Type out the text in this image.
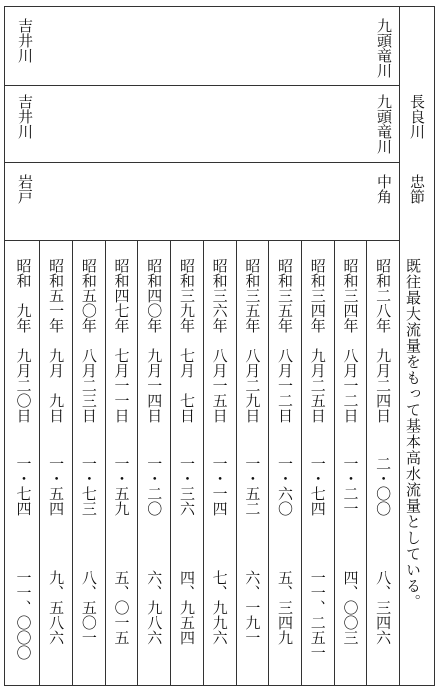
既往最大流量をもって基本高水流量としている。
九頭竜川
九頭竜川 長良川
中角 忠節
吉井川
吉井川
岩戸
昭和二八年　九月二四日
二・〇〇
八、三四六
昭和三四年　八月一二日
一・二一
四、〇〇三
昭和三四年　九月二五日
一・七四
一一、二五一
昭和三五年　八月一二日
一・六〇
五、三四九
昭和三五年　八月二九日
一・五二
六、一九一
昭和三六年　八月一五日
一・一四
七、九九六
昭和三九年　七月　七日
一・三六
四、九五四
昭和四〇年　九月一四日
一・二〇
六、九八六
昭和四七年　七月一一日
一・五九
五、〇一五
昭和五〇年　八月二三日
一・七三
八、五〇一
昭和五一年　九月　九日
一・五四
九、五八六
昭和　九年　九月二〇日
一・七四
一一、〇〇〇
